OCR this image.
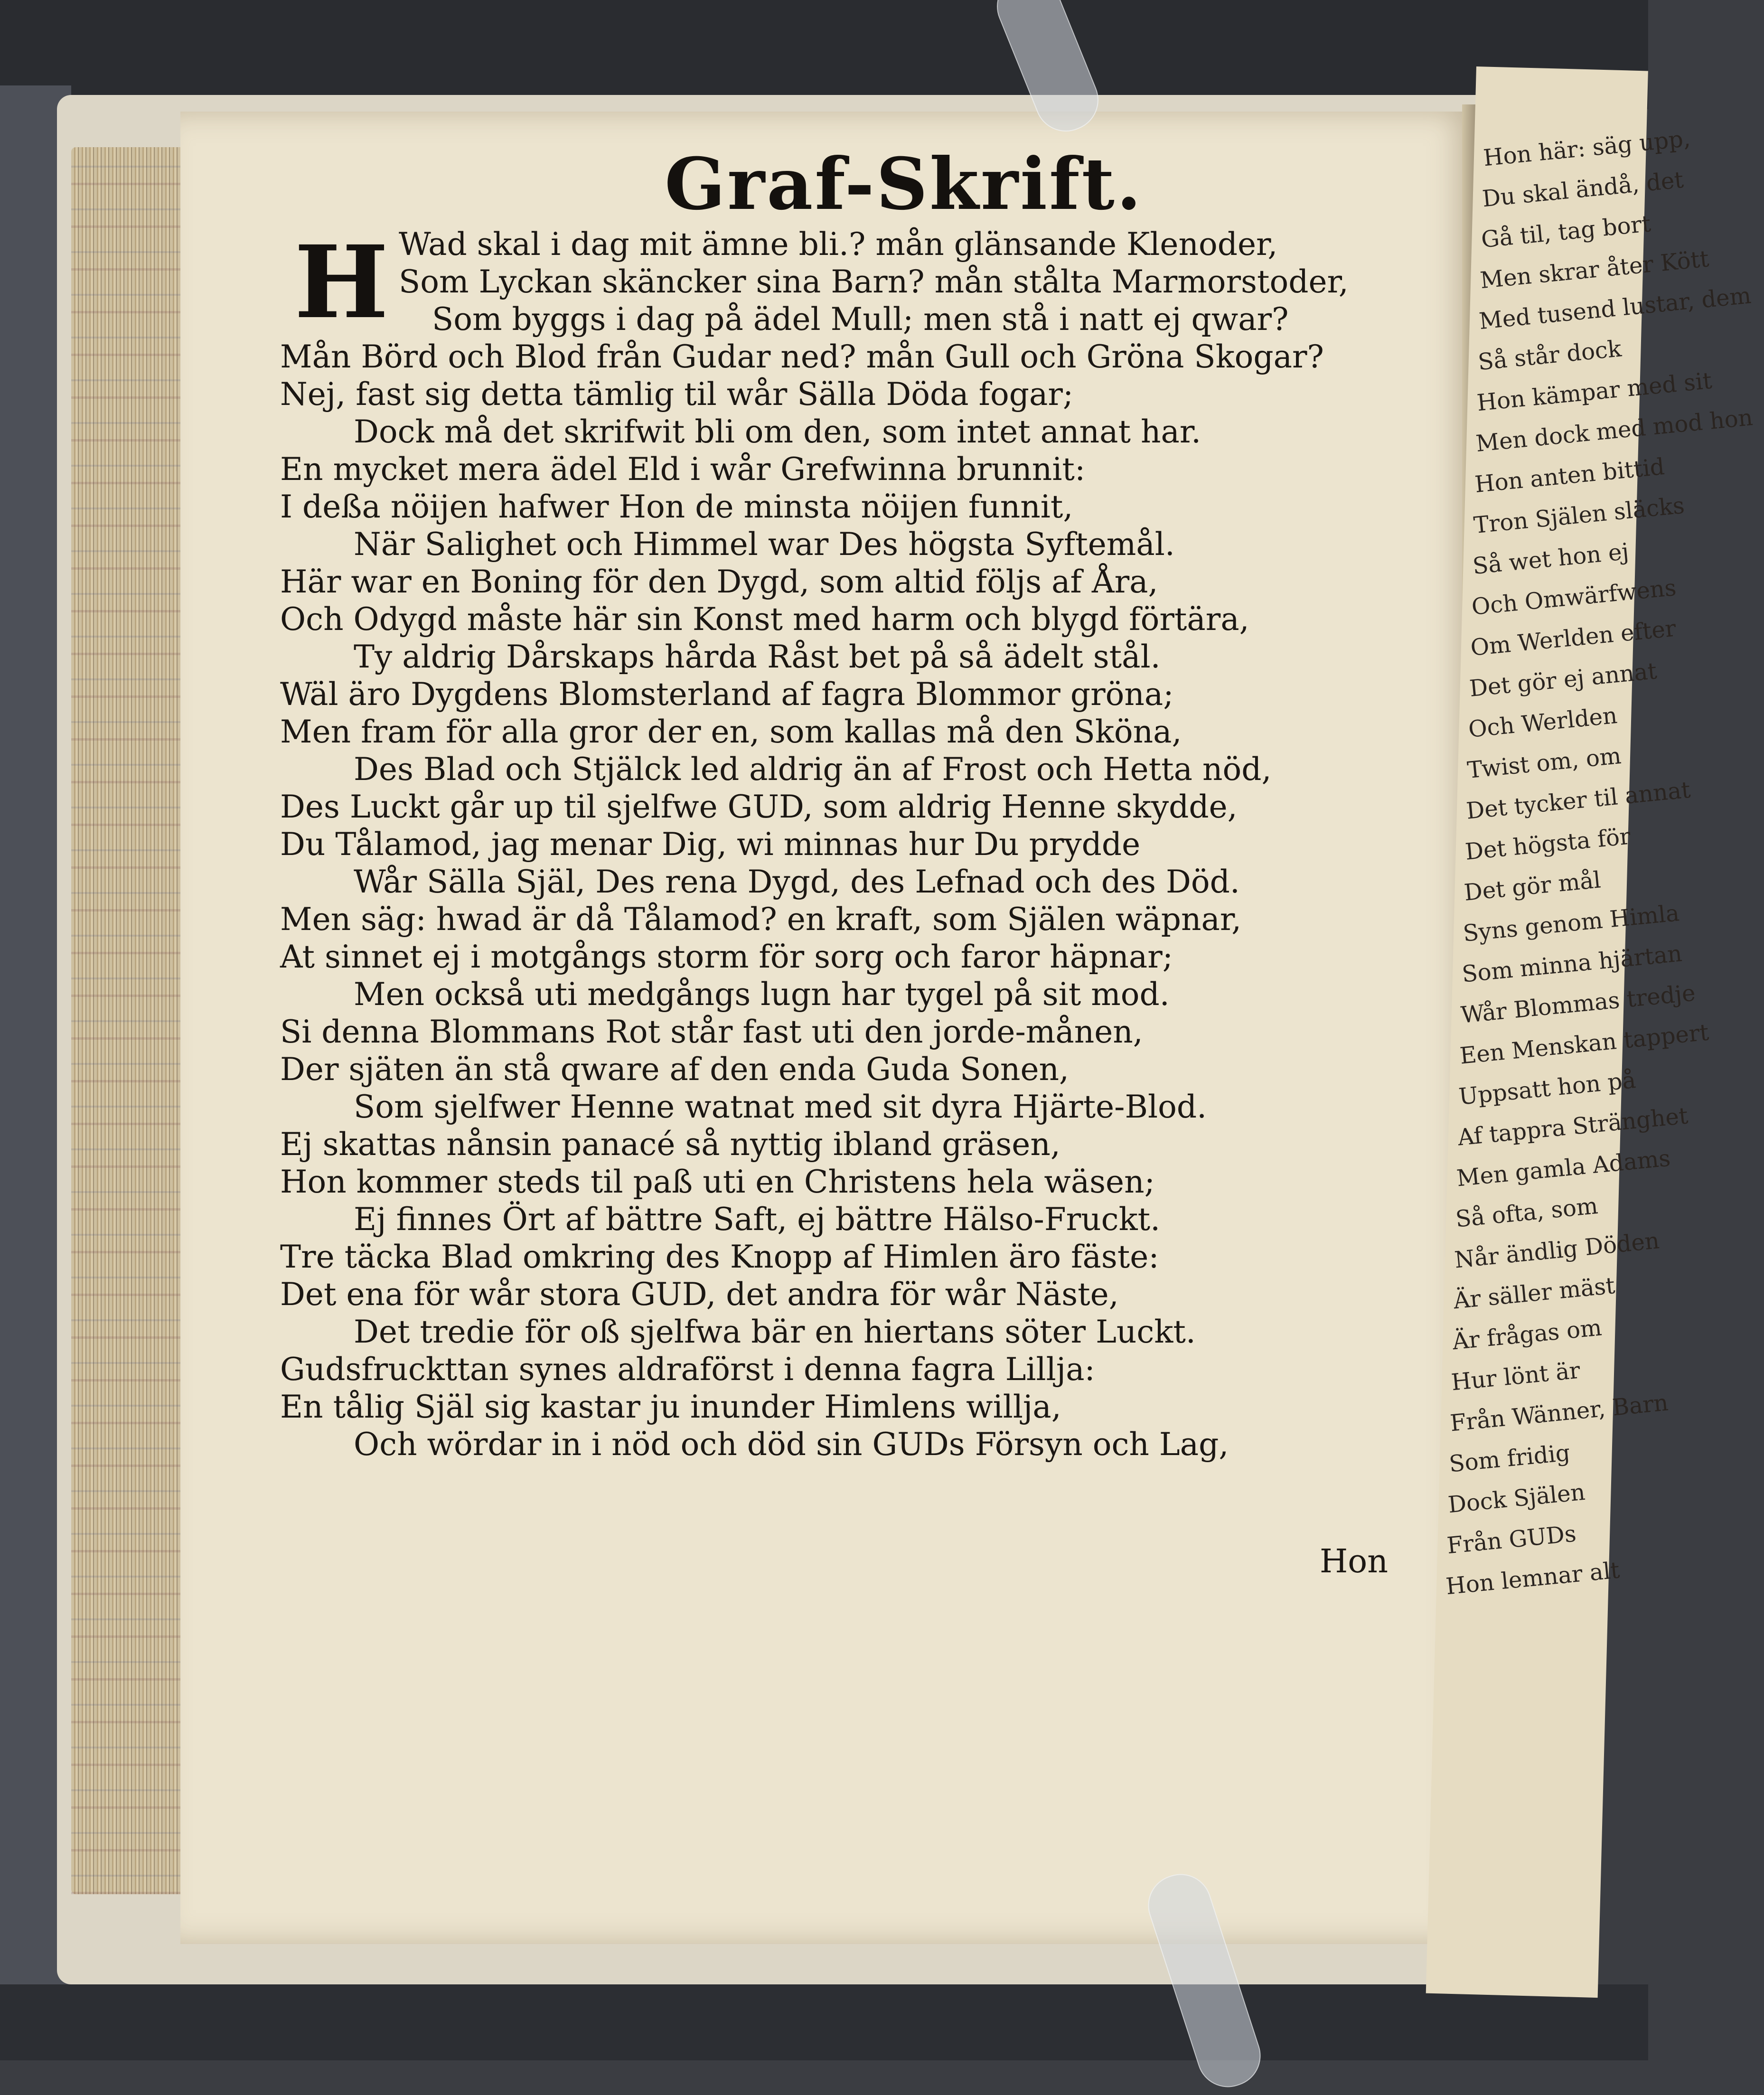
Hon här: säg upp,
Du skal ändå, det
Gå til, tag bort
Men skrar åter Kött
Med tusend lustar, dem
Så står dock
Hon kämpar med sit
Men dock med mod hon
Hon anten bittid
Tron Själen släcks
Så wet hon ej
Och Omwärfwens
Om Werlden efter
Det gör ej annat
Och Werlden
Twist om, om
Det tycker til annat
Det högsta för
Det gör mål
Syns genom Himla
Som minna hjärtan
Wår Blommas tredje
Een Menskan tappert
Uppsatt hon på
Af tappra Stränghet
Men gamla Adams
Så ofta, som
Når ändlig Döden
Är säller mäst
Är frågas om
Hur lönt är
Från Wänner, Barn
Som fridig
Dock Själen
Från GUDs
Hon lemnar alt
Graf-Skrift.
H Wad skal i dag mit ämne bli.? mån glänsande Klenoder,
Som Lyckan skäncker sina Barn? mån stålta Marmorstoder,
Som byggs i dag på ädel Mull; men stå i natt ej qwar?
Mån Börd och Blod från Gudar ned? mån Gull och Gröna Skogar?
Nej, fast sig detta tämlig til wår Sälla Döda fogar;
Dock må det skrifwit bli om den, som intet annat har.
En mycket mera ädel Eld i wår Grefwinna brunnit:
I deßa nöijen hafwer Hon de minsta nöijen funnit,
När Salighet och Himmel war Des högsta Syftemål.
Här war en Boning för den Dygd, som altid följs af Åra,
Och Odygd måste här sin Konst med harm och blygd förtära,
Ty aldrig Dårskaps hårda Råst bet på så ädelt stål.
Wäl äro Dygdens Blomsterland af fagra Blommor gröna;
Men fram för alla gror der en, som kallas må den Sköna,
Des Blad och Stjälck led aldrig än af Frost och Hetta nöd,
Des Luckt går up til sjelfwe GUD, som aldrig Henne skydde,
Du Tålamod, jag menar Dig, wi minnas hur Du prydde
Wår Sälla Själ, Des rena Dygd, des Lefnad och des Död.
Men säg: hwad är då Tålamod? en kraft, som Själen wäpnar,
At sinnet ej i motgångs storm för sorg och faror häpnar;
Men också uti medgångs lugn har tygel på sit mod.
Si denna Blommans Rot står fast uti den jorde-månen,
Der sjäten än stå qware af den enda Guda Sonen,
Som sjelfwer Henne watnat med sit dyra Hjärte-Blod.
Ej skattas nånsin panacé så nyttig ibland gräsen,
Hon kommer steds til paß uti en Christens hela wäsen;
Ej finnes Ört af bättre Saft, ej bättre Hälso-Fruckt.
Tre täcka Blad omkring des Knopp af Himlen äro fäste:
Det ena för wår stora GUD, det andra för wår Näste,
Det tredie för oß sjelfwa bär en hiertans söter Luckt.
Gudsfruckttan synes aldraförst i denna fagra Lillja:
En tålig Själ sig kastar ju inunder Himlens willja,
Och wördar in i nöd och död sin GUDs Försyn och Lag,
Hon
